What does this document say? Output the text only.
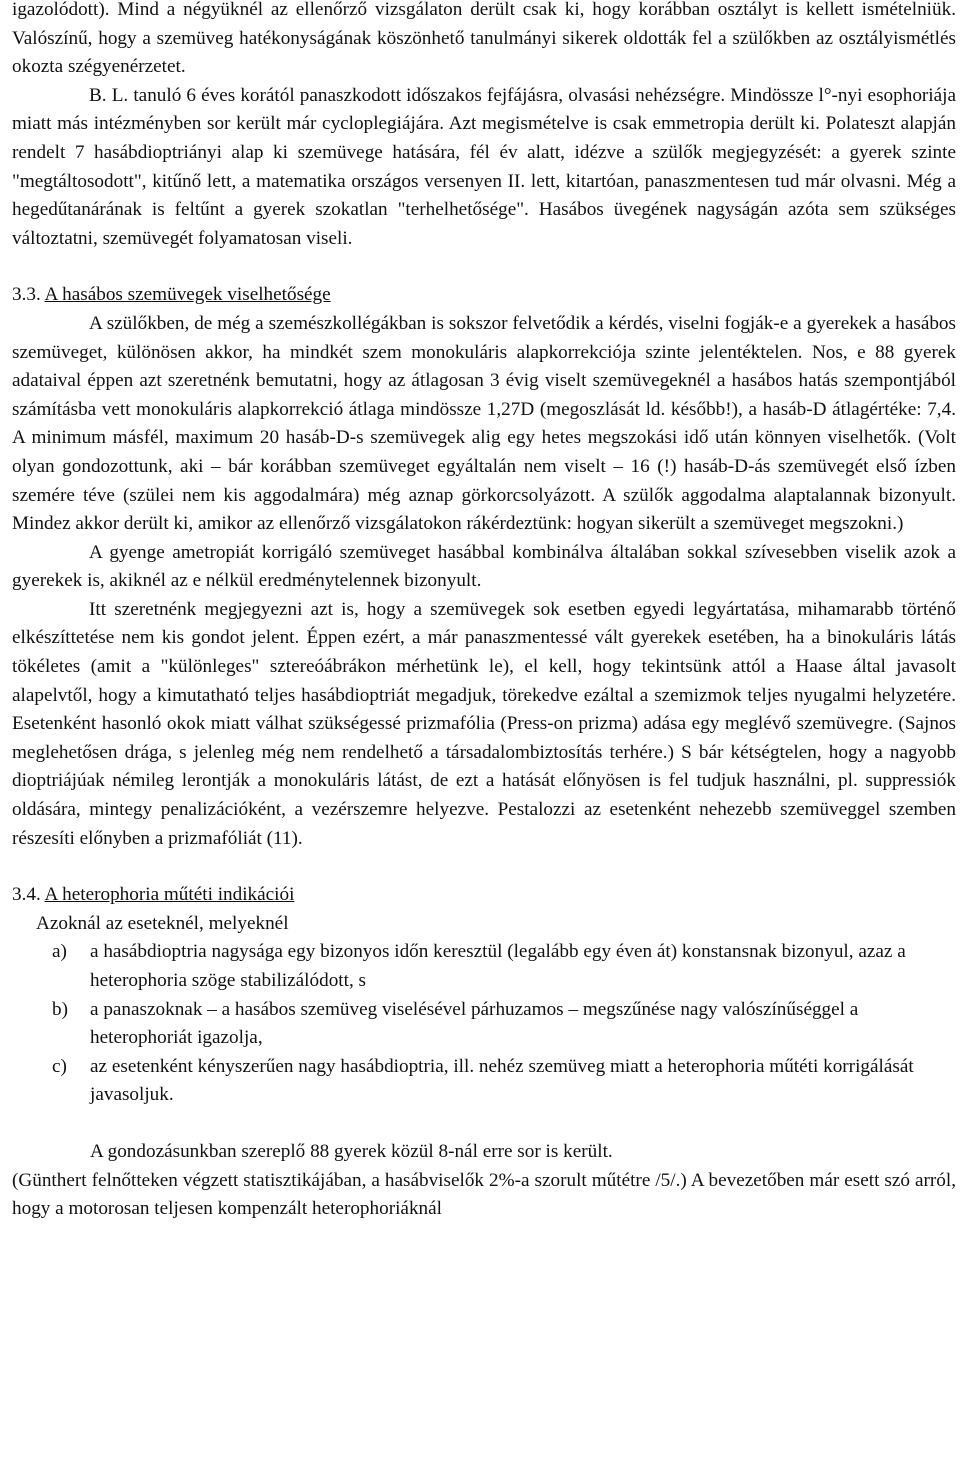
igazolódott). Mind a négyüknél az ellenőrző vizsgálaton derült csak ki, hogy korábban osztályt is kellett ismételniük. Valószínű, hogy a szemüveg hatékonyságának köszönhető tanulmányi sikerek oldották fel a szülőkben az osztályismétlés okozta szégyenérzetet.

B. L. tanuló 6 éves korától panaszkodott időszakos fejfájásra, olvasási nehézségre. Mindössze l°-nyi esophoriája miatt más intézményben sor került már cycloplegiájára. Azt megismételve is csak emmetropia derült ki. Polateszt alapján rendelt 7 hasábdioptriányi alap ki szemüvege hatására, fél év alatt, idézve a szülők megjegyzését: a gyerek szinte "megtáltosodott", kitűnő lett, a matematika országos versenyen II. lett, kitartóan, panaszmentesen tud már olvasni. Még a hegedűtanárának is feltűnt a gyerek szokatlan "terhelhetősége". Hasábos üvegének nagyságán azóta sem szükséges változtatni, szemüvegét folyamatosan viseli.

3.3. A hasábos szemüvegek viselhetősége

A szülőkben, de még a szemészkollégákban is sokszor felvetődik a kérdés, viselni fogják-e a gyerekek a hasábos szemüveget, különösen akkor, ha mindkét szem monokuláris alapkorrekciója szinte jelentéktelen. Nos, e 88 gyerek adataival éppen azt szeretnénk bemutatni, hogy az átlagosan 3 évig viselt szemüvegeknél a hasábos hatás szempontjából számításba vett monokuláris alapkorrekció átlaga mindössze 1,27D (megoszlását ld. később!), a hasáb-D átlagértéke: 7,4. A minimum másfél, maximum 20 hasáb-D-s szemüvegek alig egy hetes megszokási idő után könnyen viselhetők. (Volt olyan gondozottunk, aki – bár korábban szemüveget egyáltalán nem viselt – 16 (!) hasáb-D-ás szemüvegét első ízben szemére téve (szülei nem kis aggodalmára) még aznap görkorcsolyázott. A szülők aggodalma alaptalannak bizonyult. Mindez akkor derült ki, amikor az ellenőrző vizsgálatokon rákérdeztünk: hogyan sikerült a szemüveget megszokni.)

A gyenge ametropiát korrigáló szemüveget hasábbal kombinálva általában sokkal szívesebben viselik azok a gyerekek is, akiknél az e nélkül eredménytelennek bizonyult.

Itt szeretnénk megjegyezni azt is, hogy a szemüvegek sok esetben egyedi legyártatása, mihamarabb történő elkészíttetése nem kis gondot jelent. Éppen ezért, a már panaszmentessé vált gyerekek esetében, ha a binokuláris látás tökéletes (amit a "különleges" sztereóábrákon mérhetünk le), el kell, hogy tekintsünk attól a Haase által javasolt alapelvtől, hogy a kimutatható teljes hasábdioptriát megadjuk, törekedve ezáltal a szemizmok teljes nyugalmi helyzetére. Esetenként hasonló okok miatt válhat szükségessé prizmafólia (Press-on prizma) adása egy meglévő szemüvegre. (Sajnos meglehetősen drága, s jelenleg még nem rendelhető a társadalombiztosítás terhére.) S bár kétségtelen, hogy a nagyobb dioptriájúak némileg lerontják a monokuláris látást, de ezt a hatását előnyösen is fel tudjuk használni, pl. suppressiók oldására, mintegy penalizációként, a vezérszemre helyezve. Pestalozzi az esetenként nehezebb szemüveggel szemben részesíti előnyben a prizmafóliát (11).

3.4. A heterophoria műtéti indikációi

Azoknál az eseteknél, melyeknél

a) a hasábdioptria nagysága egy bizonyos időn keresztül (legalább egy éven át) konstansnak bizonyul, azaz a heterophoria szöge stabilizálódott, s
b) a panaszoknak – a hasábos szemüveg viselésével párhuzamos – megszűnése nagy valószínűséggel a heterophoriát igazolja,
c) az esetenként kényszerűen nagy hasábdioptria, ill. nehéz szemüveg miatt a heterophoria műtéti korrigálását javasoljuk.

A gondozásunkban szereplő 88 gyerek közül 8-nál erre sor is került.

(Günthert felnőtteken végzett statisztikájában, a hasábviselők 2%-a szorult műtétre /5/.) A bevezetőben már esett szó arról, hogy a motorosan teljesen kompenzált heterophoriáknál
